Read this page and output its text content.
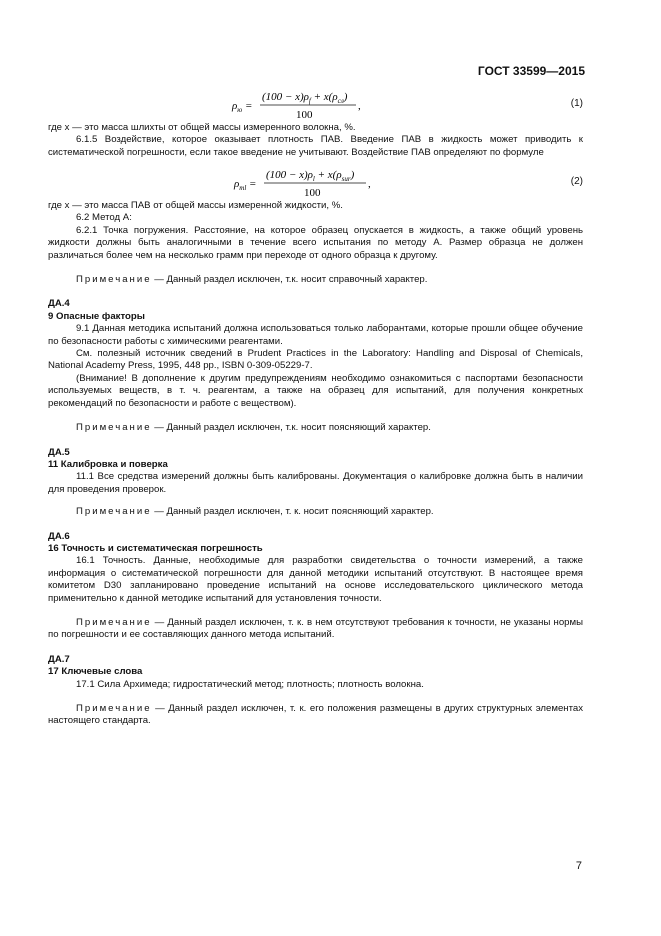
ГОСТ 33599—2015
$\rho_ю$ =
$(100 - x)\rho_f + x(\rho_{сл})$
100
,	(1)

где x — это масса шлихты от общей массы измеренного волокна, %.

6.1.5 Воздействие, которое оказывает плотность ПАВ. Введение ПАВ в жидкость может приводить к систематической погрешности, если такое введение не учитывают. Воздействие ПАВ определяют по формуле

$\rho_{ml}$ =
$(100 - x)\rho_l + x(\rho_{sur})$
100
,	(2)

где x — это масса ПАВ от общей массы измеренной жидкости, %.

6.2 Метод А:

6.2.1 Точка погружения. Расстояние, на которое образец опускается в жидкость, а также общий уровень жидкости должны быть аналогичными в течение всего испытания по методу А. Размер образца не должен различаться более чем на несколько грамм при переходе от одного образца к другому.

Примечание — Данный раздел исключен, т.к. носит справочный характер.

ДА.4

9 Опасные факторы

9.1 Данная методика испытаний должна использоваться только лаборантами, которые прошли общее обучение по безопасности работы с химическими реагентами.

См. полезный источник сведений в Prudent Practices in the Laboratory: Handling and Disposal of Chemicals, National Academy Press, 1995, 448 pp., ISBN 0-309-05229-7.

(Внимание! В дополнение к другим предупреждениям необходимо ознакомиться с паспортами безопасности используемых веществ, в т. ч. реагентам, а также на образец для испытаний, для получения конкретных рекомендаций по безопасности и работе с веществом).

Примечание — Данный раздел исключен, т.к. носит поясняющий характер.

ДА.5

11 Калибровка и поверка

11.1 Все средства измерений должны быть калиброваны. Документация о калибровке должна быть в наличии для проведения проверок.

Примечание — Данный раздел исключен, т. к. носит поясняющий характер.

ДА.6

16 Точность и систематическая погрешность

16.1 Точность. Данные, необходимые для разработки свидетельства о точности измерений, а также информация о систематической погрешности для данной методики испытаний отсутствуют. В настоящее время комитетом D30 запланировано проведение испытаний на основе исследовательского циклического метода применительно к данной методике испытаний для установления точности.

Примечание — Данный раздел исключен, т. к. в нем отсутствуют требования к точности, не указаны нормы по погрешности и ее составляющих данного метода испытаний.

ДА.7

17 Ключевые слова

17.1 Сила Архимеда; гидростатический метод; плотность; плотность волокна.

Примечание — Данный раздел исключен, т. к. его положения размещены в других структурных элементах настоящего стандарта.

7
